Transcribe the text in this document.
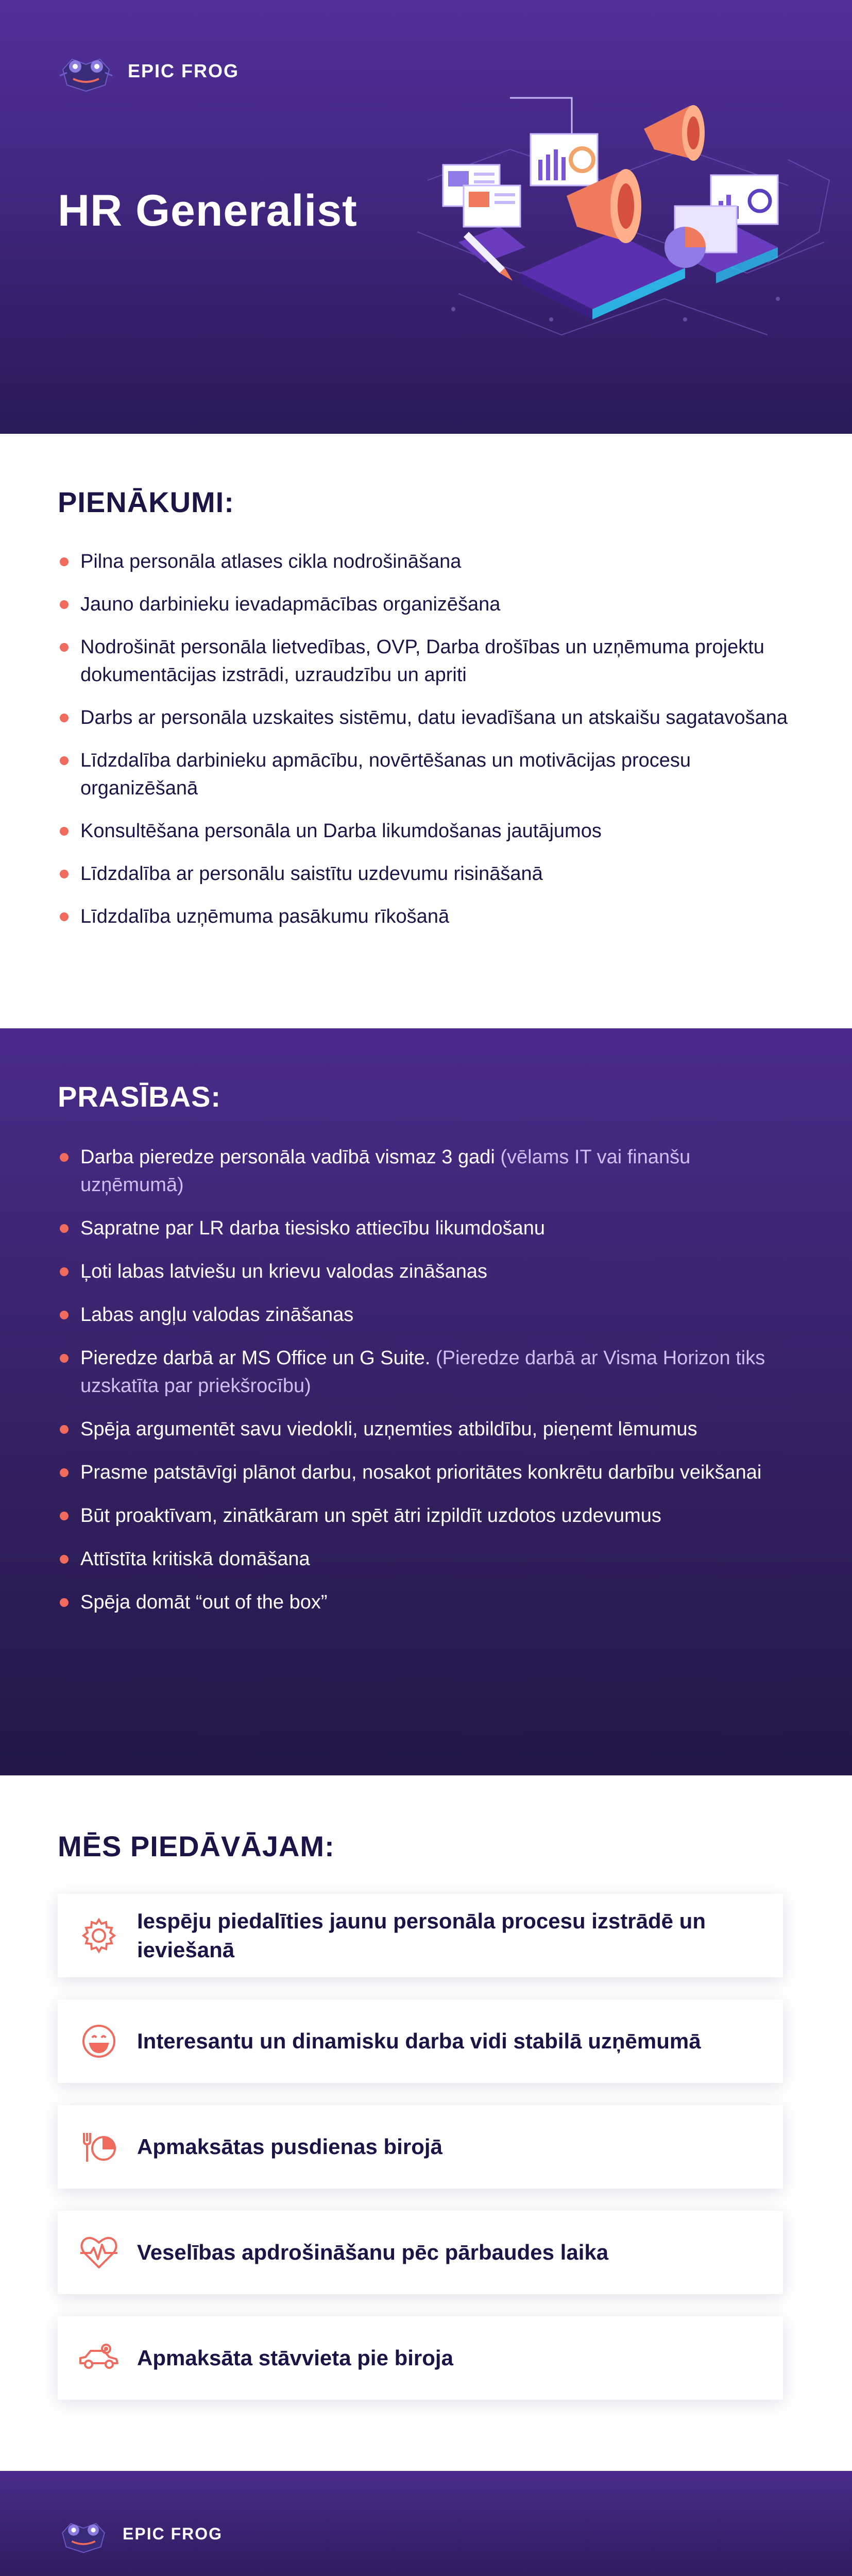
EPIC FROG
HR Generalist
PIENĀKUMI:
Pilna personāla atlases cikla nodrošināšana
Jauno darbinieku ievadapmācības organizēšana
Nodrošināt personāla lietvedības, OVP, Darba drošības un uzņēmuma projektu dokumentācijas izstrādi, uzraudzību un apriti
Darbs ar personāla uzskaites sistēmu, datu ievadīšana un atskaišu sagatavošana
Līdzdalība darbinieku apmācību, novērtēšanas un motivācijas procesu organizēšanā
Konsultēšana personāla un Darba likumdošanas jautājumos
Līdzdalība ar personālu saistītu uzdevumu risināšanā
Līdzdalība uzņēmuma pasākumu rīkošanā
PRASĪBAS:
Darba pieredze personāla vadībā vismaz 3 gadi (vēlams IT vai finanšu uzņēmumā)
Sapratne par LR darba tiesisko attiecību likumdošanu
Ļoti labas latviešu un krievu valodas zināšanas
Labas angļu valodas zināšanas
Pieredze darbā ar MS Office un G Suite. (Pieredze darbā ar Visma Horizon tiks uzskatīta par priekšrocību)
Spēja argumentēt savu viedokli, uzņemties atbildību, pieņemt lēmumus
Prasme patstāvīgi plānot darbu, nosakot prioritātes konkrētu darbību veikšanai
Būt proaktīvam, zinātkāram un spēt ātri izpildīt uzdotos uzdevumus
Attīstīta kritiskā domāšana
Spēja domāt “out of the box”
MĒS PIEDĀVĀJAM:
Iespēju piedalīties jaunu personāla procesu izstrādē un ieviešanā
Interesantu un dinamisku darba vidi stabilā uzņēmumā
Apmaksātas pusdienas birojā
Veselības apdrošināšanu pēc pārbaudes laika
Apmaksāta stāvvieta pie biroja
EPIC FROG
